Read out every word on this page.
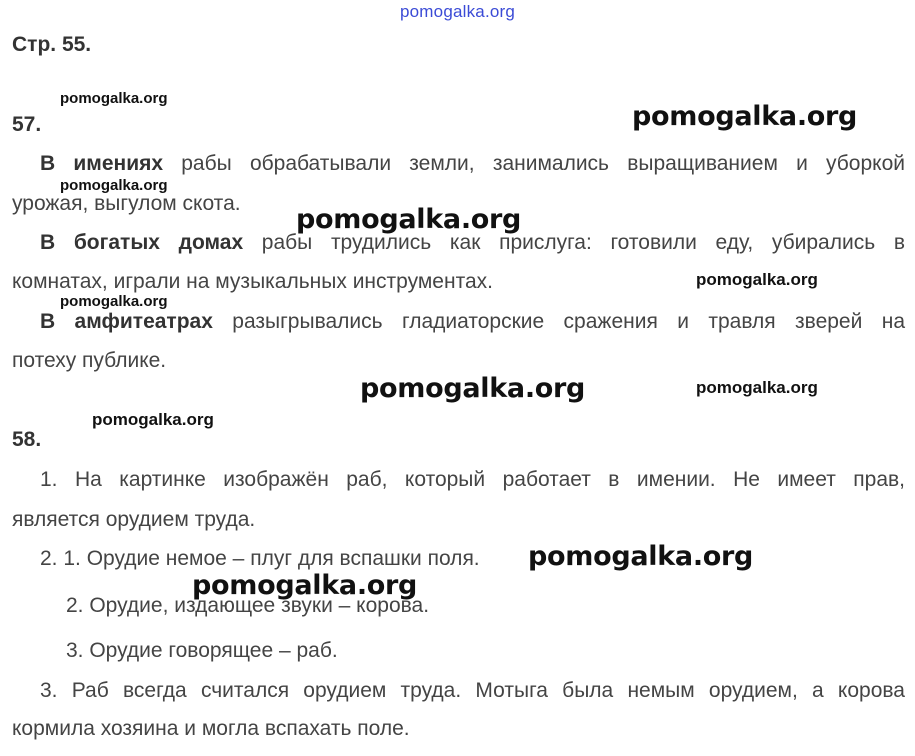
pomogalka.org
Стр. 55.
57.
В имениях рабы обрабатывали земли, занимались выращиванием и уборкой
урожая, выгулом скота.
В богатых домах рабы трудились как прислуга: готовили еду, убирались в
комнатах, играли на музыкальных инструментах.
В амфитеатрах разыгрывались гладиаторские сражения и травля зверей на
потеху публике.
58.
1. На картинке изображён раб, который работает в имении. Не имеет прав,
является орудием труда.
2. 1. Орудие немое – плуг для вспашки поля.
2. Орудие, издающее звуки – корова.
3. Орудие говорящее – раб.
3. Раб всегда считался орудием труда. Мотыга была немым орудием, а корова
кормила хозяина и могла вспахать поле.
pomogalka.org
pomogalka.org
pomogalka.org
pomogalka.org
pomogalka.org
pomogalka.org
pomogalka.org	pomogalka.org
pomogalka.org
pomogalka.org
pomogalka.org
